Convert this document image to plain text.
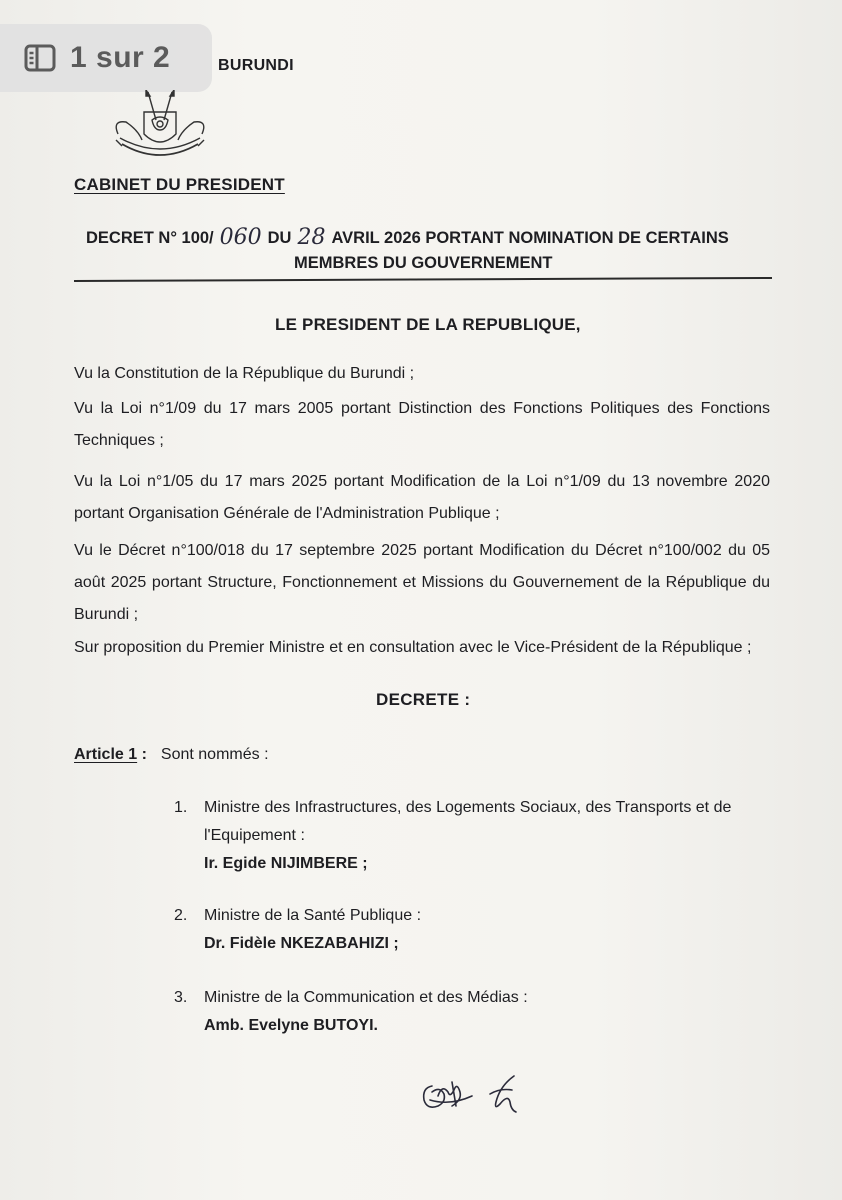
1 sur 2	BURUNDI
CABINET DU PRESIDENT
DECRET N° 100/ 060 DU 28 AVRIL 2026 PORTANT NOMINATION DE CERTAINS
MEMBRES DU GOUVERNEMENT
LE PRESIDENT DE LA REPUBLIQUE,
Vu la Constitution de la République du Burundi ;
Vu la Loi n°1/09 du 17 mars 2005 portant Distinction des Fonctions Politiques des Fonctions Techniques ;
Vu la Loi n°1/05 du 17 mars 2025 portant Modification de la Loi n°1/09 du 13 novembre 2020 portant Organisation Générale de l'Administration Publique ;
Vu le Décret n°100/018 du 17 septembre 2025 portant Modification du Décret n°100/002 du 05 août 2025 portant Structure, Fonctionnement et Missions du Gouvernement de la République du Burundi ;
Sur proposition du Premier Ministre et en consultation avec le Vice-Président de la République ;
DECRETE :
Article 1 : Sont nommés :
1. Ministre des Infrastructures, des Logements Sociaux, des Transports et de l'Equipement :
Ir. Egide NIJIMBERE ;
2. Ministre de la Santé Publique :
Dr. Fidèle NKEZABAHIZI ;
3. Ministre de la Communication et des Médias :
Amb. Evelyne BUTOYI.
